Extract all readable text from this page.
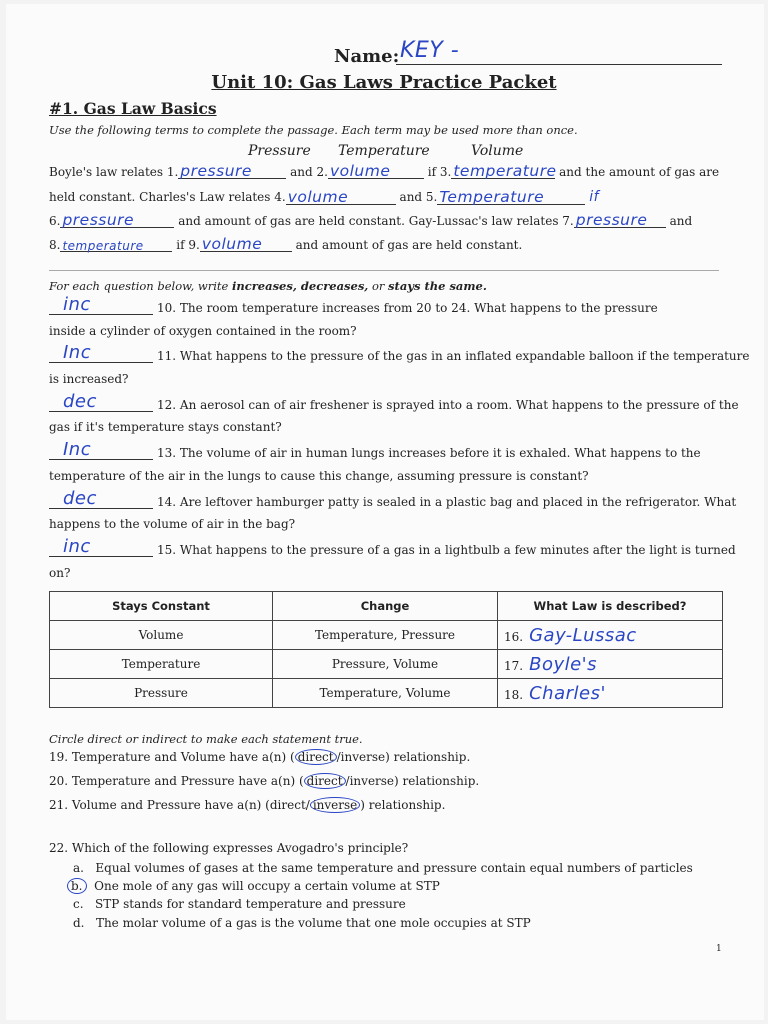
Name: KEY -
Unit 10: Gas Laws Practice Packet
#1. Gas Law Basics
Use the following terms to complete the passage. Each term may be used more than once.
Pressure Temperature	Volume
Boyle's law relates 1. pressure	and 2. volume	if 3. temperature and the amount of gas are
held constant. Charles's Law relates 4. volume	and 5. Temperature	if
6. pressure	and amount of gas are held constant. Gay-Lussac's law relates 7. pressure and
8. temperature	if 9. volume	and amount of gas are held constant.
For each question below, write increases, decreases, or stays the same.
inc	10. The room temperature increases from 20 to 24. What happens to the pressure
inside a cylinder of oxygen contained in the room?
Inc	11. What happens to the pressure of the gas in an inflated expandable balloon if the temperature
is increased?
dec	12. An aerosol can of air freshener is sprayed into a room. What happens to the pressure of the
gas if it's temperature stays constant?
Inc	13. The volume of air in human lungs increases before it is exhaled. What happens to the
temperature of the air in the lungs to cause this change, assuming pressure is constant?
dec	14. Are leftover hamburger patty is sealed in a plastic bag and placed in the refrigerator. What
happens to the volume of air in the bag?
inc	15. What happens to the pressure of a gas in a lightbulb a few minutes after the light is turned
on?
Stays Constant	Change	What Law is described?
Volume	Temperature, Pressure	16. Gay-Lussac
Temperature	Pressure, Volume	17. Boyle's
Pressure	Temperature, Volume	18. Charles'
Circle direct or indirect to make each statement true.
19. Temperature and Volume have a(n) ( direct /inverse) relationship.
20. Temperature and Pressure have a(n) ( direct /inverse) relationship.
21. Volume and Pressure have a(n) (direct/ inverse ) relationship.
22. Which of the following expresses Avogadro's principle?
a. Equal volumes of gases at the same temperature and pressure contain equal numbers of particles
b. One mole of any gas will occupy a certain volume at STP
c. STP stands for standard temperature and pressure
d. The molar volume of a gas is the volume that one mole occupies at STP
1
